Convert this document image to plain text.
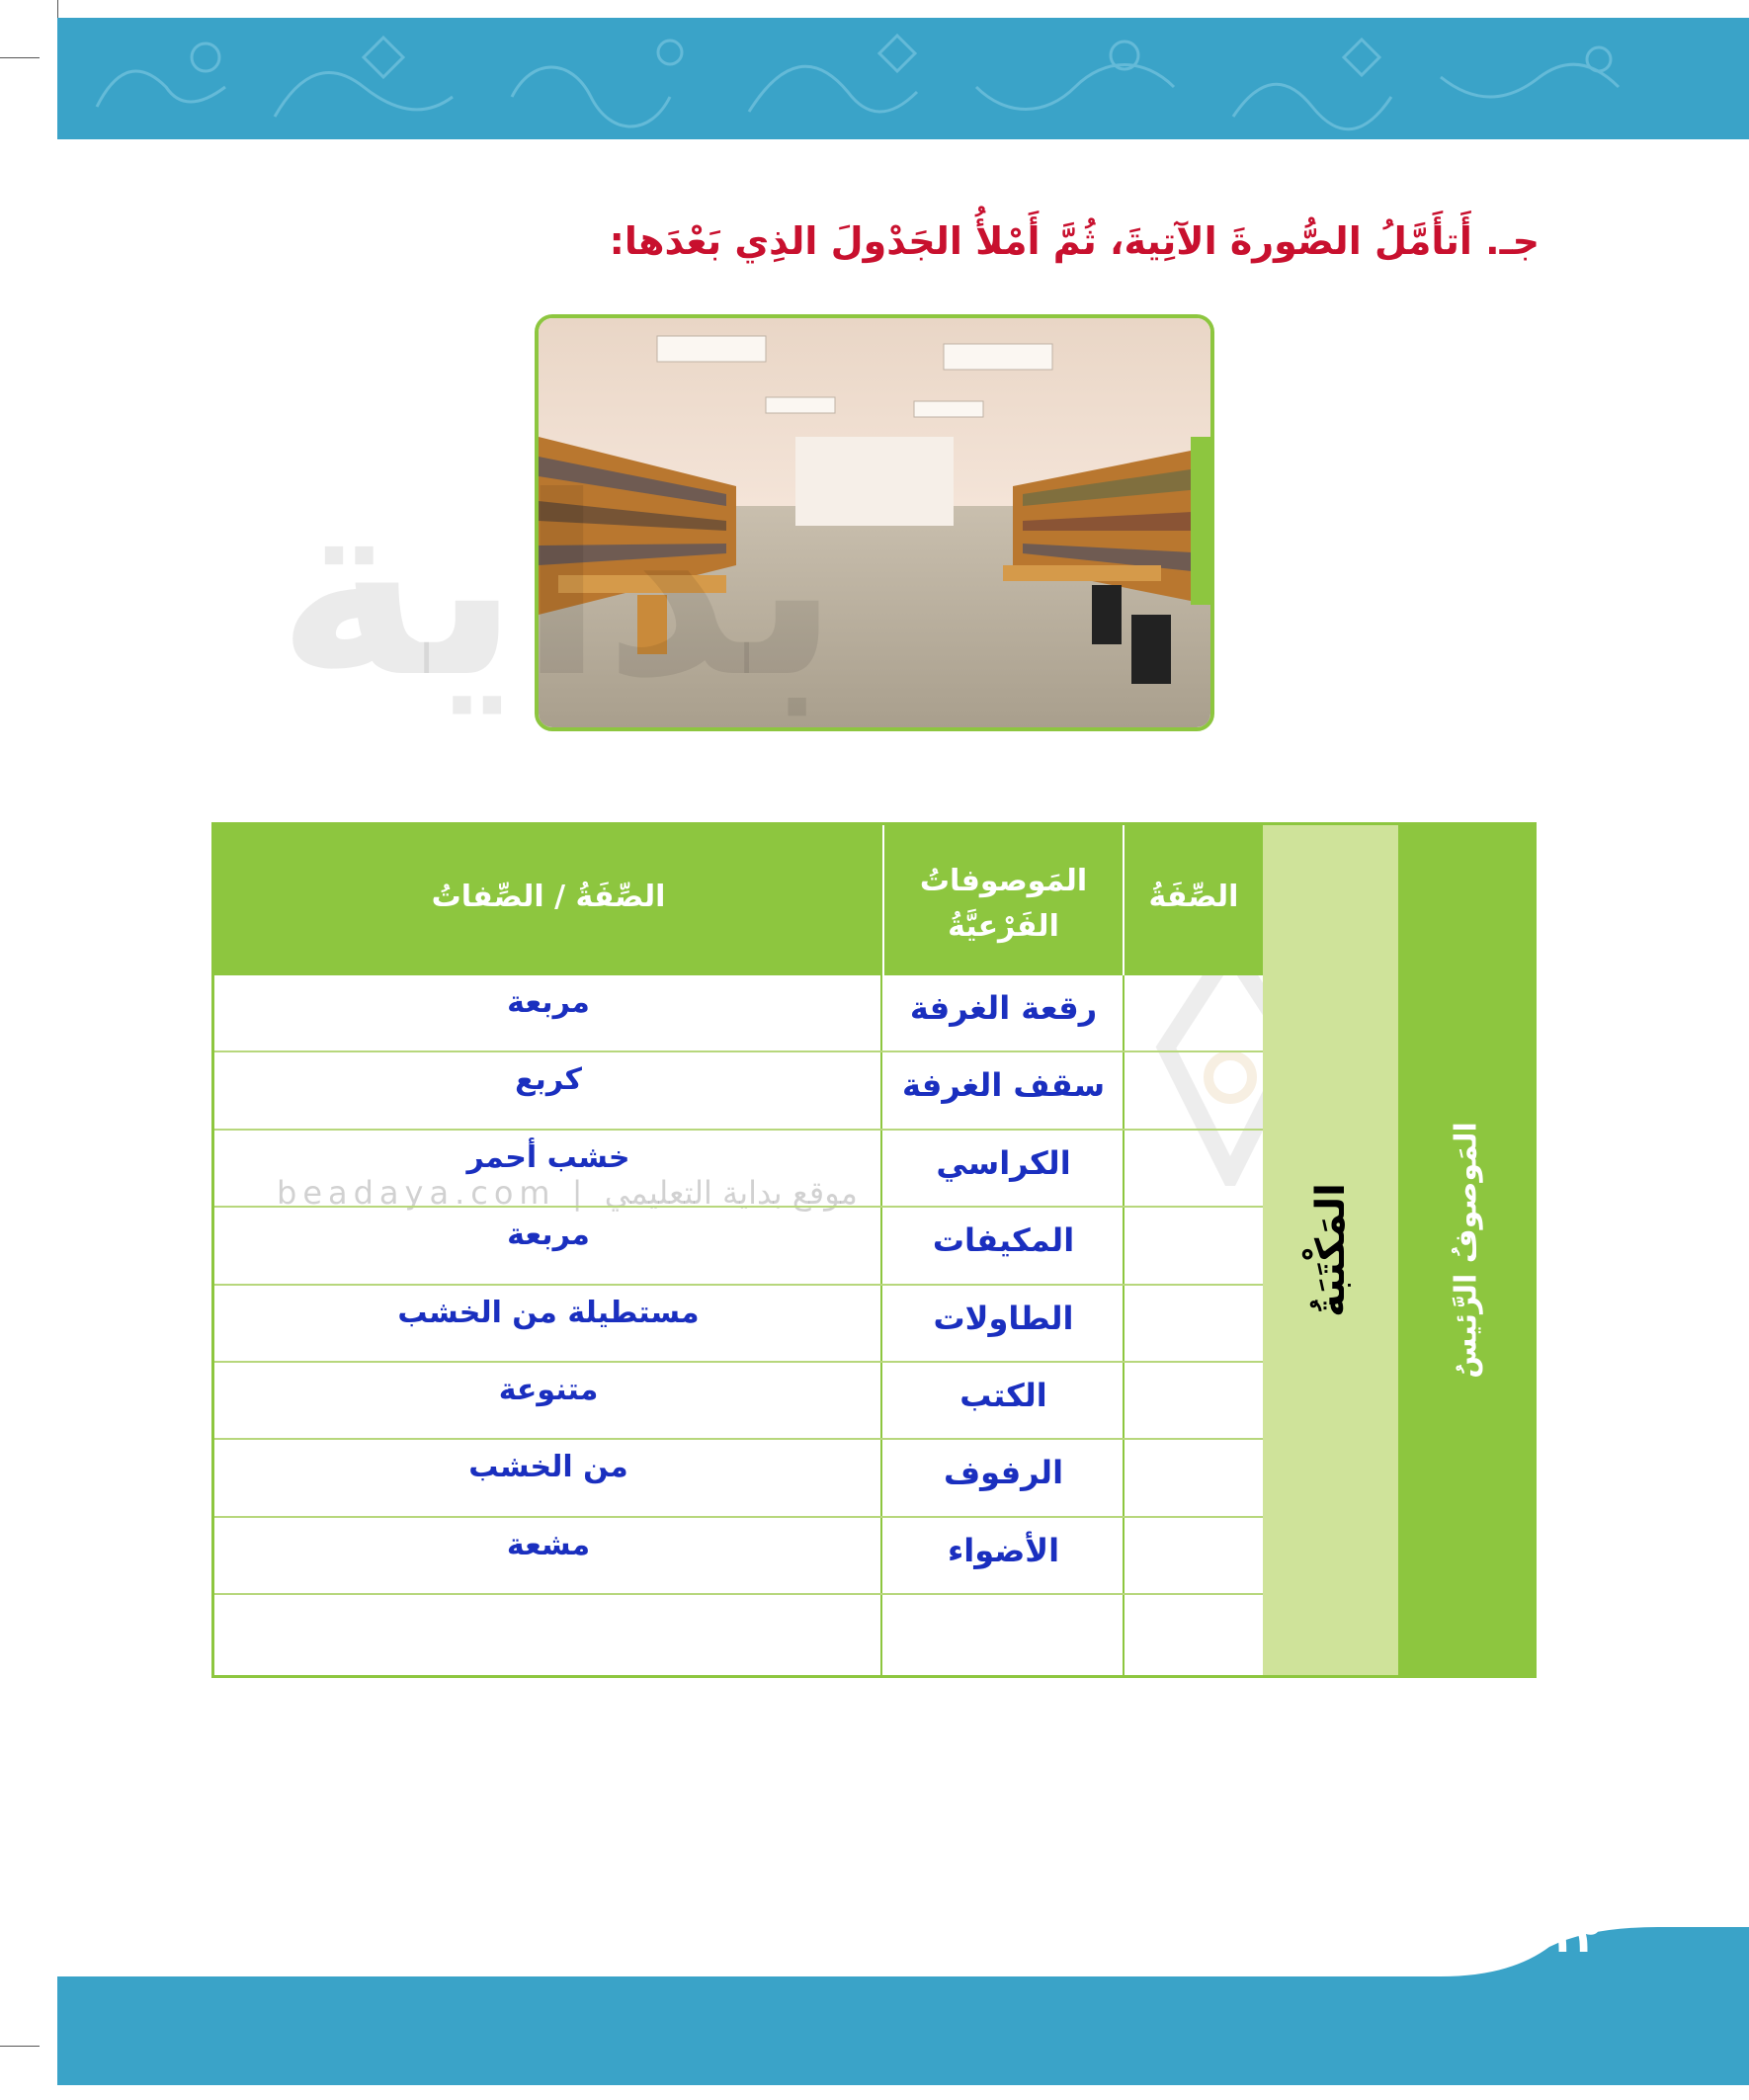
جـ. أَتأَمَّلُ الصُّورةَ الآتِيةَ، ثُمَّ أَمْلأُ الجَدْولَ الذِي بَعْدَها:
beadaya.com | موقع بداية التعليمي	المَوصوفُ الرَّئيسُ
المَكْتَبَةُ
الصِّفَةُ
المَوصوفاتُ
الفَرْعيَّةُ
الصِّفَةُ / الصِّفاتُ
رقعة الغرفة
مربعة
سقف الغرفة
كربع
الكراسي
خشب أحمر
المكيفات
مربعة
الطاولات
مستطيلة من الخشب
الكتب
متنوعة
الرفوف
من الخشب
الأضواء
مشعة
١١٢
